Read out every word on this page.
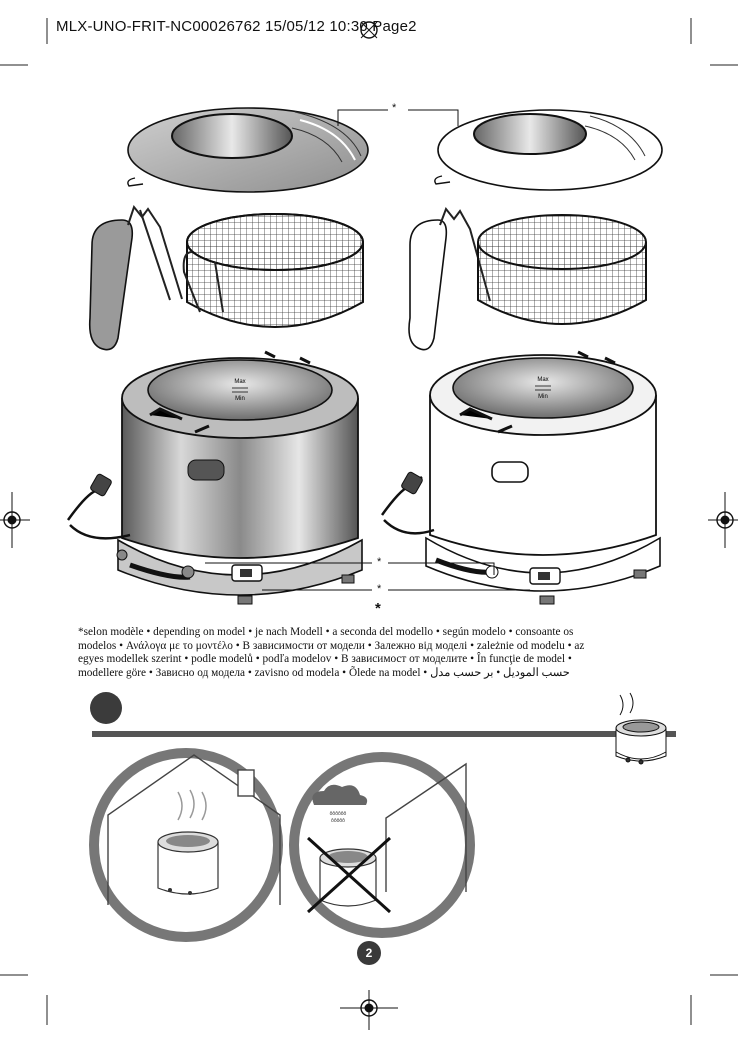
MLX-UNO-FRIT-NC00026762 15/05/12 10:30 Page2
Max
Min
Max
Min
ôôôôôô
ôôôôô
*
*
*
*
*selon modèle • depending on model • je nach Modell • a seconda del modello • según modelo • consoante os
modelos • Ανάλογα με το μοντέλο • В зависимости от модели • Залежно від моделі • zależnie od modelu • az
egyes modellek szerint • podle modelů • podľa modelov • В зависимост от моделите • În funcţie de model •
modellere göre • Зависно од модела • zavisno od modela • Õlede na model • حسب الموديل • بر حسب مدل
2
